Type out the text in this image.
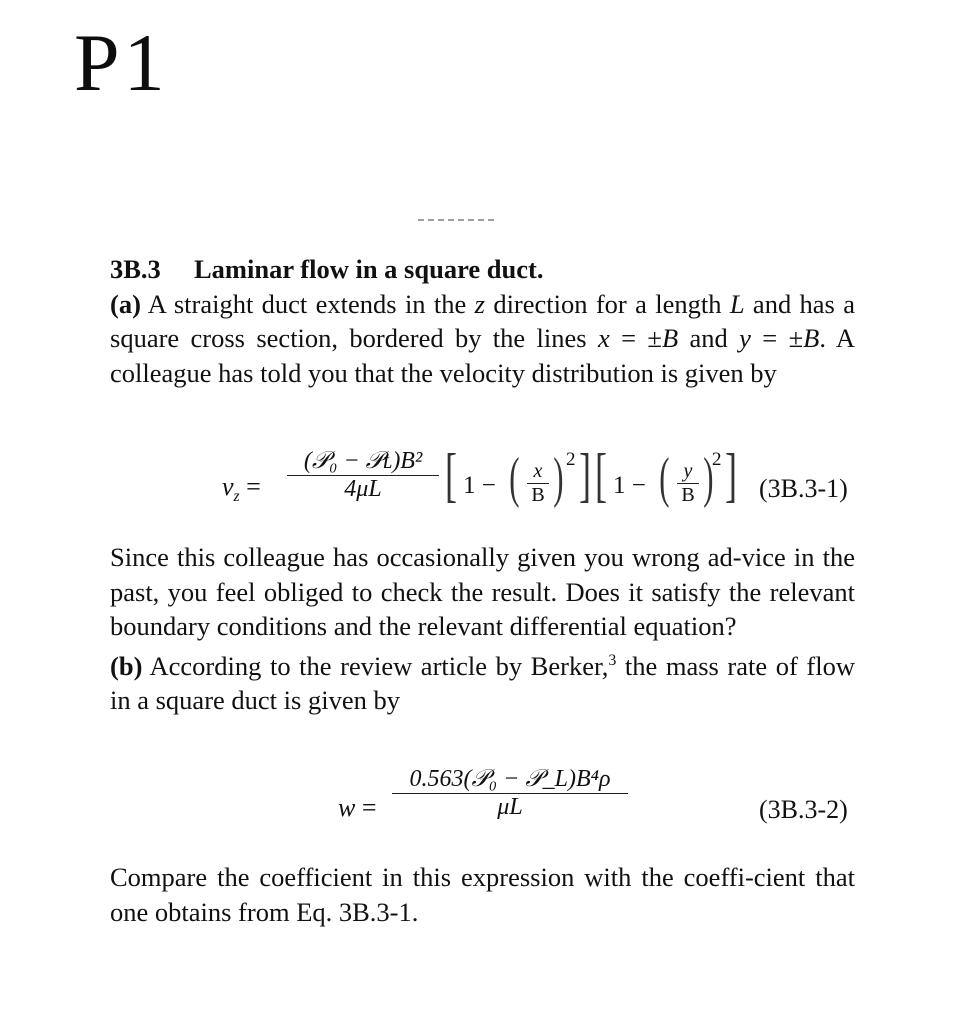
P1

3B.3 Laminar flow in a square duct.

(a) A straight duct extends in the z direction for a length L and has a square cross section, bordered by the lines x = ±B and y = ±B. A colleague has told you that the velocity distribution is given by

$v_z$ =
(𝒫₀ − 𝒫ʟ)B²
4μL	[ 1 − ( x
B ) 2 ] [ 1 − ( y
B )
2 ] (3B.3-1)

Since this colleague has occasionally given you wrong ad-vice in the past, you feel obliged to check the result. Does it satisfy the relevant boundary conditions and the relevant differential equation?

(b) According to the review article by Berker,$^3$ the mass rate of flow in a square duct is given by

w =
0.563(𝒫₀ − 𝒫_L)B⁴ρ
μL	(3B.3-2)

Compare the coefficient in this expression with the coeffi-cient that one obtains from Eq. 3B.3-1.
